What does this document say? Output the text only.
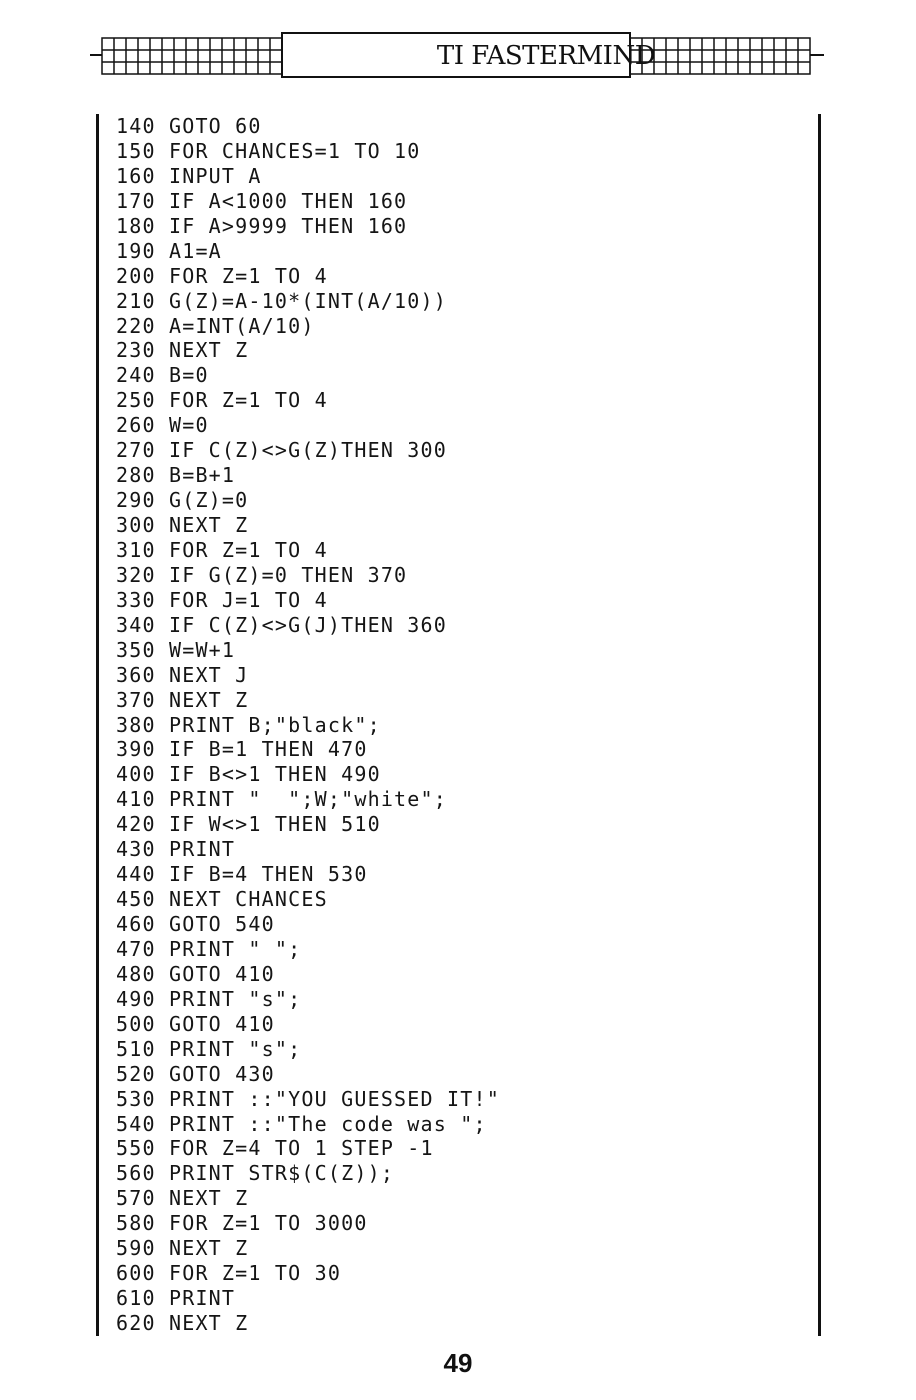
TI FASTERMIND
140 GOTO 60
150 FOR CHANCES=1 TO 10
160 INPUT A
170 IF A<1000 THEN 160
180 IF A>9999 THEN 160
190 A1=A
200 FOR Z=1 TO 4
210 G(Z)=A-10*(INT(A/10))
220 A=INT(A/10)
230 NEXT Z
240 B=0
250 FOR Z=1 TO 4
260 W=0
270 IF C(Z)<>G(Z)THEN 300
280 B=B+1
290 G(Z)=0
300 NEXT Z
310 FOR Z=1 TO 4
320 IF G(Z)=0 THEN 370
330 FOR J=1 TO 4
340 IF C(Z)<>G(J)THEN 360
350 W=W+1
360 NEXT J
370 NEXT Z
380 PRINT B;"black";
390 IF B=1 THEN 470
400 IF B<>1 THEN 490
410 PRINT "  ";W;"white";
420 IF W<>1 THEN 510
430 PRINT
440 IF B=4 THEN 530
450 NEXT CHANCES
460 GOTO 540
470 PRINT " ";
480 GOTO 410
490 PRINT "s";
500 GOTO 410
510 PRINT "s";
520 GOTO 430
530 PRINT ::"YOU GUESSED IT!"
540 PRINT ::"The code was ";
550 FOR Z=4 TO 1 STEP -1
560 PRINT STR$(C(Z));
570 NEXT Z
580 FOR Z=1 TO 3000
590 NEXT Z
600 FOR Z=1 TO 30
610 PRINT
620 NEXT Z
49
